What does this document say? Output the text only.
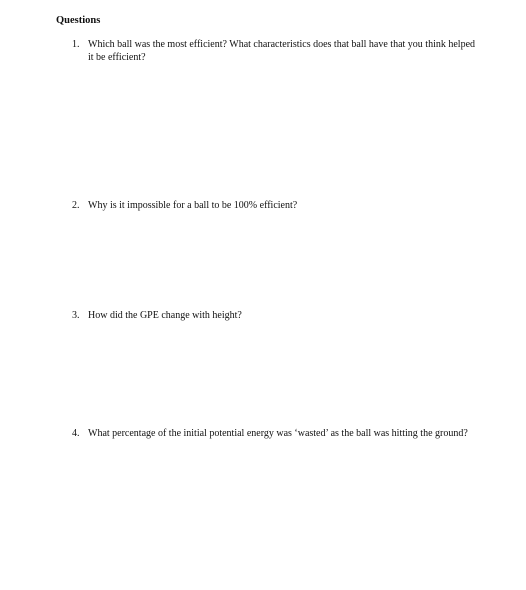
Questions
1. Which ball was the most efficient? What characteristics does that ball have that you think helped it be efficient?
2. Why is it impossible for a ball to be 100% efficient?
3. How did the GPE change with height?
4. What percentage of the initial potential energy was ‘wasted’ as the ball was hitting the ground?
